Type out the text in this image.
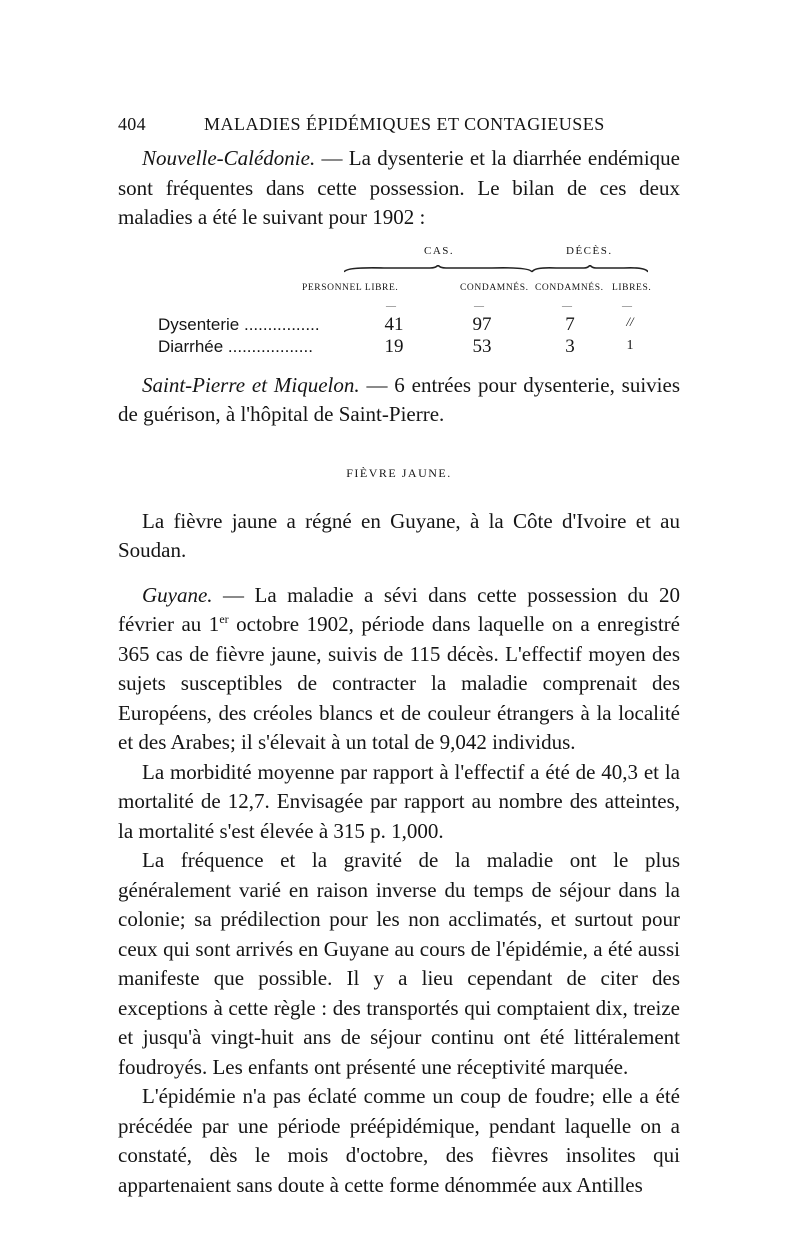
404	MALADIES ÉPIDÉMIQUES ET CONTAGIEUSES

Nouvelle-Calédonie. — La dysenterie et la diarrhée endémique sont fréquentes dans cette possession. Le bilan de ces deux maladies a été le suivant pour 1902 :

CAS.	DÉCÈS.
PERSONNEL LIBRE.	CONDAMNÉS. CONDAMNÉS. LIBRES.
—	—	—	—
Dysenterie ................	41	97	7	//
Diarrhée ..................	19	53	3	1

Saint-Pierre et Miquelon. — 6 entrées pour dysenterie, suivies de guérison, à l'hôpital de Saint-Pierre.

FIÈVRE JAUNE.

La fièvre jaune a régné en Guyane, à la Côte d'Ivoire et au Soudan.

Guyane. — La maladie a sévi dans cette possession du 20 février au 1er octobre 1902, période dans laquelle on a enregistré 365 cas de fièvre jaune, suivis de 115 décès. L'effectif moyen des sujets susceptibles de contracter la maladie comprenait des Européens, des créoles blancs et de couleur étrangers à la localité et des Arabes; il s'élevait à un total de 9,042 individus.

La morbidité moyenne par rapport à l'effectif a été de 40,3 et la mortalité de 12,7. Envisagée par rapport au nombre des atteintes, la mortalité s'est élevée à 315 p. 1,000.

La fréquence et la gravité de la maladie ont le plus généralement varié en raison inverse du temps de séjour dans la colonie; sa prédilection pour les non acclimatés, et surtout pour ceux qui sont arrivés en Guyane au cours de l'épidémie, a été aussi manifeste que possible. Il y a lieu cependant de citer des exceptions à cette règle : des transportés qui comptaient dix, treize et jusqu'à vingt-huit ans de séjour continu ont été littéralement foudroyés. Les enfants ont présenté une réceptivité marquée.

L'épidémie n'a pas éclaté comme un coup de foudre; elle a été précédée par une période préépidémique, pendant laquelle on a constaté, dès le mois d'octobre, des fièvres insolites qui appartenaient sans doute à cette forme dénommée aux Antilles
